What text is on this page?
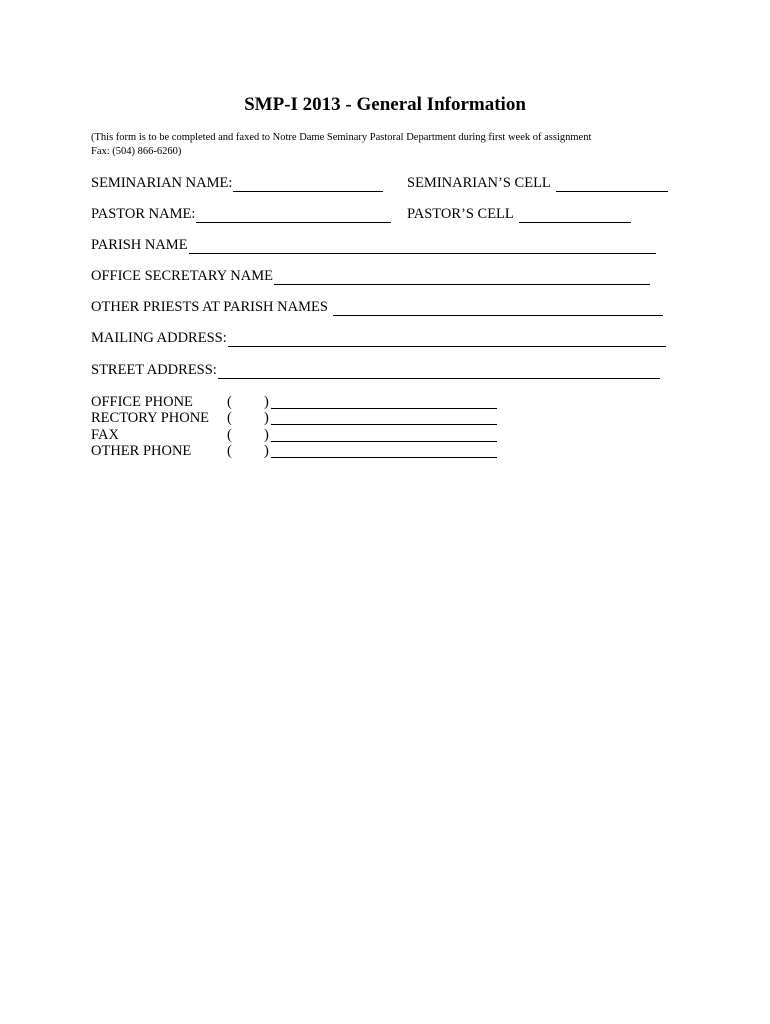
SMP-I 2013 - General Information
(This form is to be completed and faxed to Notre Dame Seminary Pastoral Department during first week of assignment
Fax: (504) 866-6260)
SEMINARIAN NAME:	SEMINARIAN’S CELL
PASTOR NAME:	PASTOR’S CELL
PARISH NAME
OFFICE SECRETARY NAME
OTHER PRIESTS AT PARISH NAMES
MAILING ADDRESS:
STREET ADDRESS:
OFFICE PHONE ( )
RECTORY PHONE ( )
FAX	( )
OTHER PHONE ( )
